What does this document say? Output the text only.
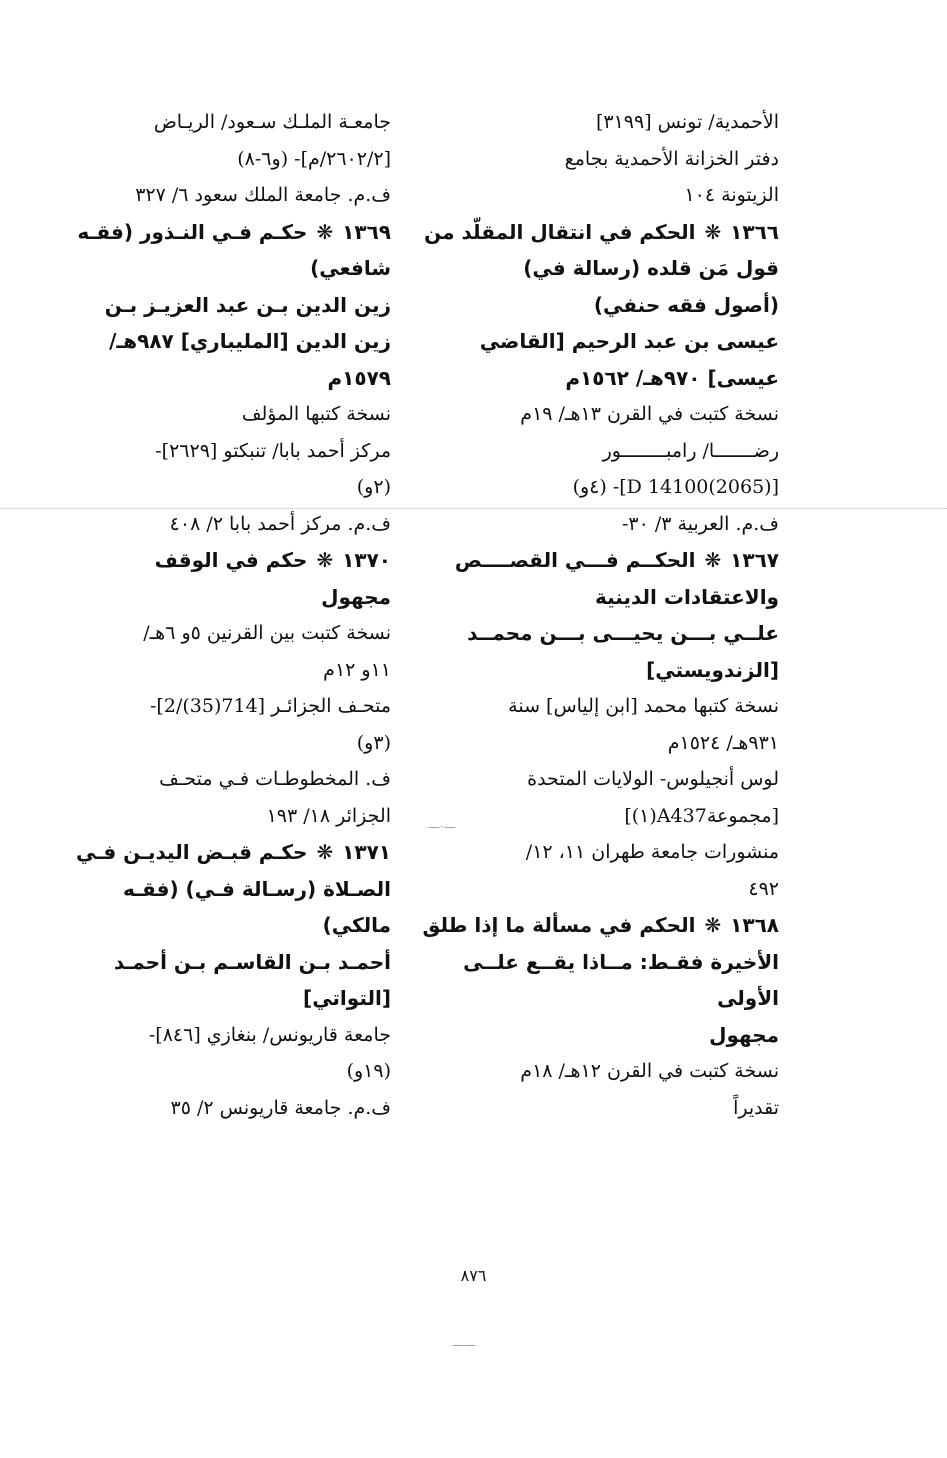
الأحمدية/ تونس [٣١٩٩]
دفتر الخزانة الأحمدية بجامع
الزيتونة ١٠٤
١٣٦٦ ❋ الحكم في انتقال المقلّد من
قول مَن قلده (رسالة في)
(أصول فقه حنفي)
عيسى بن عبد الرحيم [القاضي
عيسى] ٩٧٠هـ/ ١٥٦٢م
نسخة كتبت في القرن ١٣هـ/ ١٩م
رضـــــــا/ رامبــــــــور
[D 14100(2065)]- (٤و)
ف.م. العربية ٣/ ٣٠-
١٣٦٧ ❋ الحكــم فـــي القصــــص
والاعتقادات الدينية
علــي بـــن يحيـــى بـــن محمــد
[الزندويستي]
نسخة كتبها محمد [ابن إلياس] سنة
٩٣١هـ/ ١٥٢٤م
لوس أنجيلوس- الولايات المتحدة
[مجموعةA437(١)]
منشورات جامعة طهران ١١، ١٢/
٤٩٢
١٣٦٨ ❋ الحكم في مسألة ما إذا طلق
الأخيرة فقـط: مــاذا يقــع علــى
الأولى
مجهول
نسخة كتبت في القرن ١٢هـ/ ١٨م
تقديراً
جامعـة الملـك سـعود/ الريـاض
[٢٦٠٢/٢/م]- (و٦-٨)
ف.م. جامعة الملك سعود ٦/ ٣٢٧
١٣٦٩ ❋ حكـم فـي النـذور (فقـه
شافعي)
زين الدين بـن عبد العزيـز بـن
زين الدين [المليباري] ٩٨٧هـ/
١٥٧٩م
نسخة كتبها المؤلف
مركز أحمد بابا/ تنبكتو [٢٦٢٩]-
(٢و)
ف.م. مركز أحمد بابا ٢/ ٤٠٨
١٣٧٠ ❋ حكم في الوقف
مجهول
نسخة كتبت بين القرنين ٥و ٦هـ/
١١و ١٢م
متحـف الجزائـر [714(35)/2]-
(٣و)
ف. المخطوطـات فـي متحـف
الجزائر ١٨/ ١٩٣
١٣٧١ ❋ حكـم قبـض اليديـن فـي
الصـلاة (رسـالة فـي) (فقـه
مالكي)
أحمـد بـن القاسـم بـن أحمـد
[التواتي]
جامعة قاريونس/ بنغازي [٨٤٦]-
(١٩و)
ف.م. جامعة قاريونس ٢/ ٣٥
—·—
——
٨٧٦
